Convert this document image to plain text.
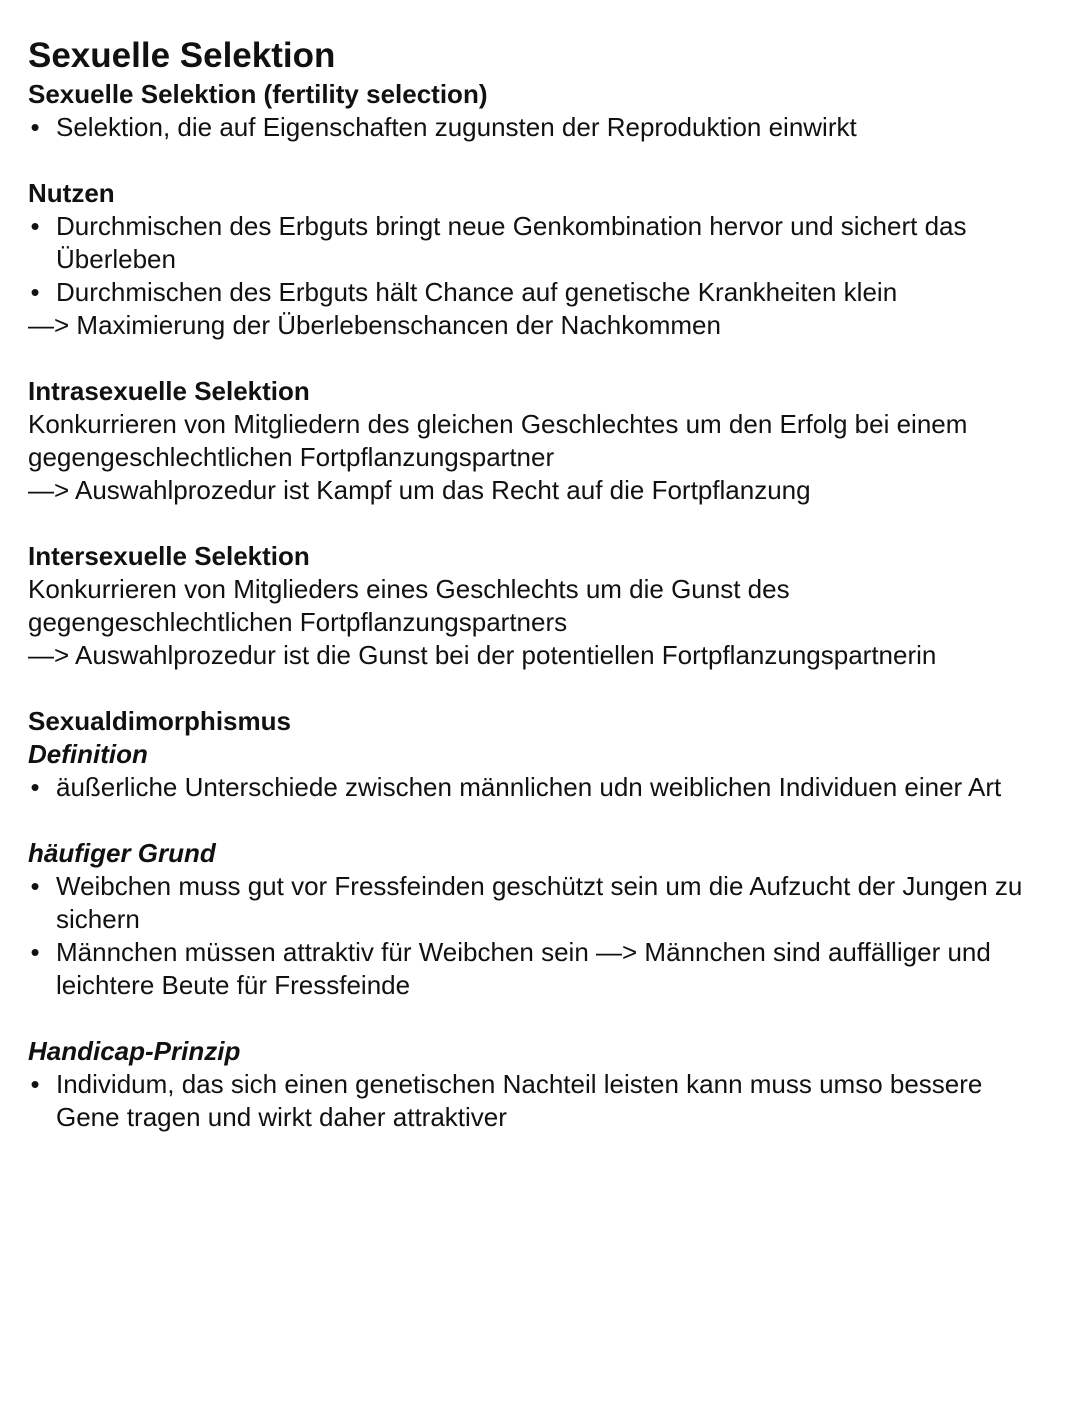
Sexuelle Selektion
Sexuelle Selektion (fertility selection)
• Selektion, die auf Eigenschaften zugunsten der Reproduktion einwirkt
Nutzen
• Durchmischen des Erbguts bringt neue Genkombination hervor und sichert das Überleben
• Durchmischen des Erbguts hält Chance auf genetische Krankheiten klein

—> Maximierung der Überlebenschancen der Nachkommen

Intrasexuelle Selektion

Konkurrieren von Mitgliedern des gleichen Geschlechtes um den Erfolg bei einem gegengeschlechtlichen Fortpflanzungspartner

—> Auswahlprozedur ist Kampf um das Recht auf die Fortpflanzung

Intersexuelle Selektion

Konkurrieren von Mitglieders eines Geschlechts um die Gunst des gegengeschlechtlichen Fortpflanzungspartners

—> Auswahlprozedur ist die Gunst bei der potentiellen Fortpflanzungspartnerin

Sexualdimorphismus
Definition
• äußerliche Unterschiede zwischen männlichen udn weiblichen Individuen einer Art
häufiger Grund
• Weibchen muss gut vor Fressfeinden geschützt sein um die Aufzucht der Jungen zu sichern
• Männchen müssen attraktiv für Weibchen sein —> Männchen sind auffälliger und leichtere Beute für Fressfeinde
Handicap-Prinzip
• Individum, das sich einen genetischen Nachteil leisten kann muss umso bessere Gene tragen und wirkt daher attraktiver
